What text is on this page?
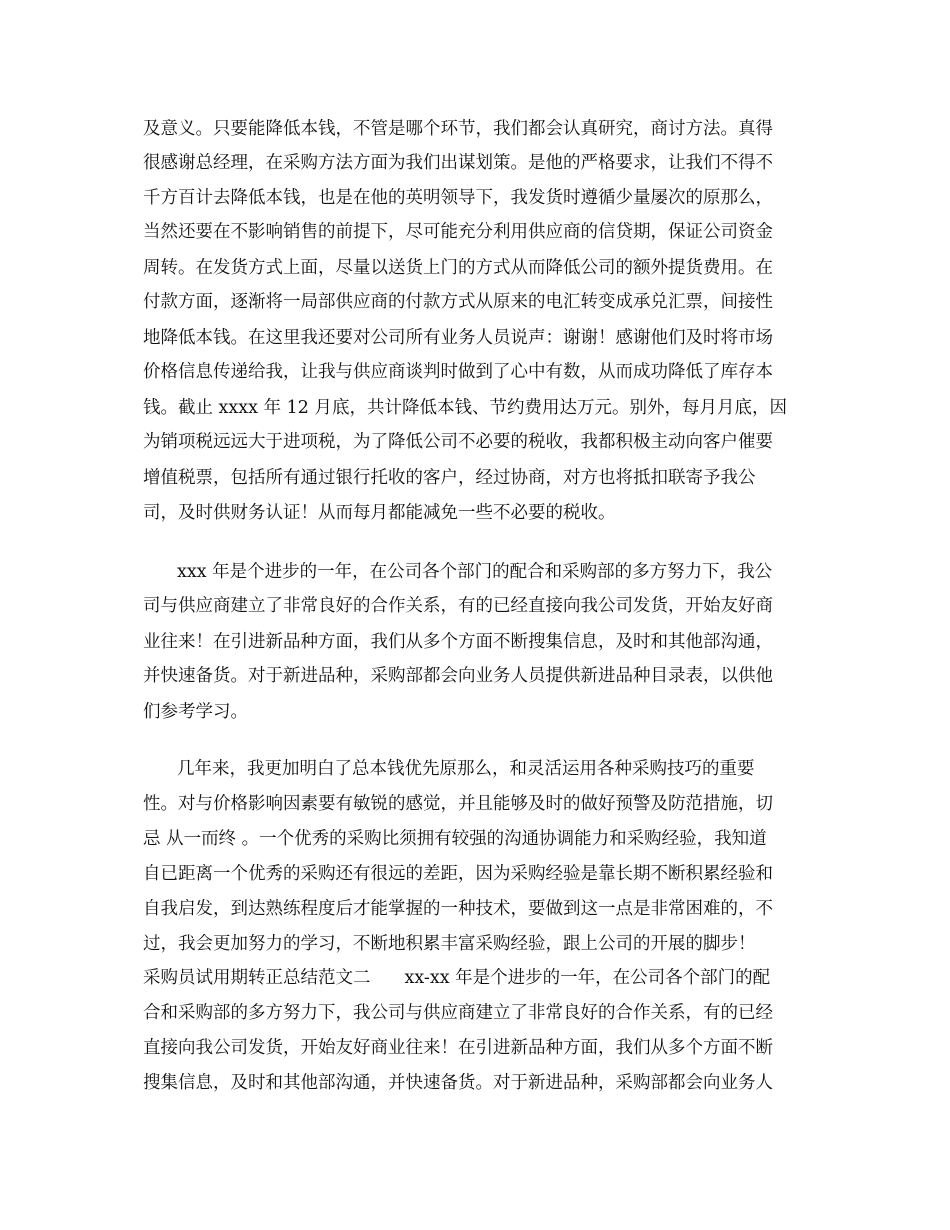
及意义。只要能降低本钱，不管是哪个环节，我们都会认真研究，商讨方法。真得
很感谢总经理，在采购方法方面为我们出谋划策。是他的严格要求，让我们不得不
千方百计去降低本钱，也是在他的英明领导下，我发货时遵循少量屡次的原那么，
当然还要在不影响销售的前提下，尽可能充分利用供应商的信贷期，保证公司资金
周转。在发货方式上面，尽量以送货上门的方式从而降低公司的额外提货费用。在
付款方面，逐渐将一局部供应商的付款方式从原来的电汇转变成承兑汇票，间接性
地降低本钱。在这里我还要对公司所有业务人员说声：谢谢！感谢他们及时将市场
价格信息传递给我，让我与供应商谈判时做到了心中有数，从而成功降低了库存本
钱。截止 xxxx 年 12 月底，共计降低本钱、节约费用达万元。别外，每月月底，因
为销项税远远大于进项税，为了降低公司不必要的税收，我都积极主动向客户催要
增值税票，包括所有通过银行托收的客户，经过协商，对方也将抵扣联寄予我公
司，及时供财务认证！从而每月都能减免一些不必要的税收。
xxx 年是个进步的一年，在公司各个部门的配合和采购部的多方努力下，我公
司与供应商建立了非常良好的合作关系，有的已经直接向我公司发货，开始友好商
业往来！在引进新品种方面，我们从多个方面不断搜集信息，及时和其他部沟通，
并快速备货。对于新进品种，采购部都会向业务人员提供新进品种目录表，以供他
们参考学习。
几年来，我更加明白了总本钱优先原那么，和灵活运用各种采购技巧的重要
性。对与价格影响因素要有敏锐的感觉，并且能够及时的做好预警及防范措施，切
忌 从一而终 。一个优秀的采购比须拥有较强的沟通协调能力和采购经验，我知道
自已距离一个优秀的采购还有很远的差距，因为采购经验是靠长期不断积累经验和
自我启发，到达熟练程度后才能掌握的一种技术，要做到这一点是非常困难的，不
过，我会更加努力的学习，不断地积累丰富采购经验，跟上公司的开展的脚步！
采购员试用期转正总结范文二 xx-xx 年是个进步的一年，在公司各个部门的配
合和采购部的多方努力下，我公司与供应商建立了非常良好的合作关系，有的已经
直接向我公司发货，开始友好商业往来！在引进新品种方面，我们从多个方面不断
搜集信息，及时和其他部沟通，并快速备货。对于新进品种，采购部都会向业务人
